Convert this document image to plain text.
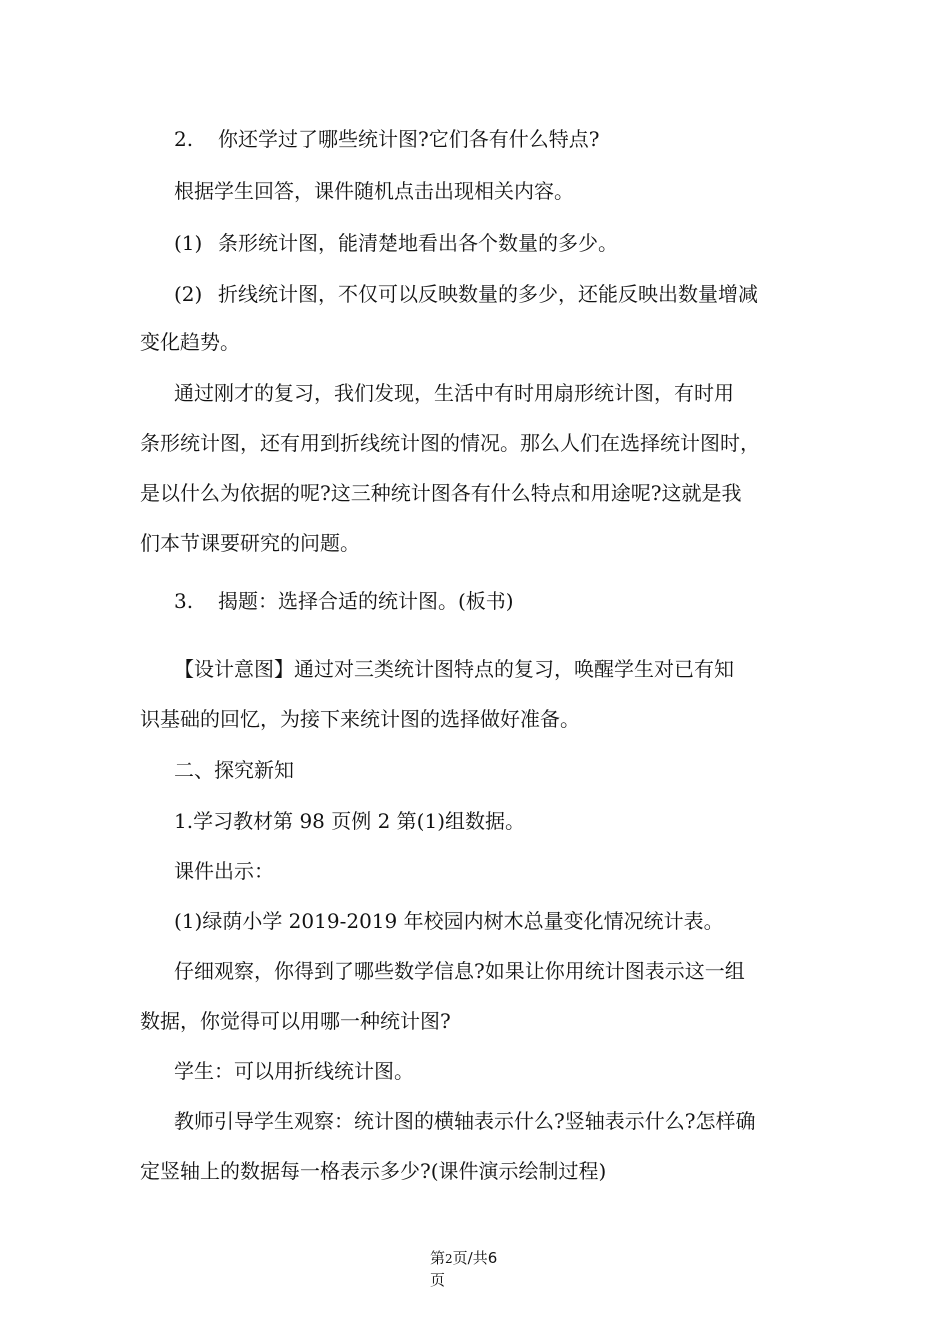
2. 你还学过了哪些统计图?它们各有什么特点?

根据学生回答，课件随机点击出现相关内容。

(1) 条形统计图，能清楚地看出各个数量的多少。

(2) 折线统计图，不仅可以反映数量的多少，还能反映出数量增减

变化趋势。

通过刚才的复习，我们发现，生活中有时用扇形统计图，有时用

条形统计图，还有用到折线统计图的情况。那么人们在选择统计图时，

是以什么为依据的呢?这三种统计图各有什么特点和用途呢?这就是我

们本节课要研究的问题。

3. 揭题：选择合适的统计图。(板书)

【设计意图】通过对三类统计图特点的复习，唤醒学生对已有知

识基础的回忆，为接下来统计图的选择做好准备。

二、探究新知

1.学习教材第 98 页例 2 第(1)组数据。

课件出示：

(1)绿荫小学 2019-2019 年校园内树木总量变化情况统计表。

仔细观察，你得到了哪些数学信息?如果让你用统计图表示这一组

数据，你觉得可以用哪一种统计图?

学生：可以用折线统计图。

教师引导学生观察：统计图的横轴表示什么?竖轴表示什么?怎样确

定竖轴上的数据每一格表示多少?(课件演示绘制过程)

第2页/共6
页
